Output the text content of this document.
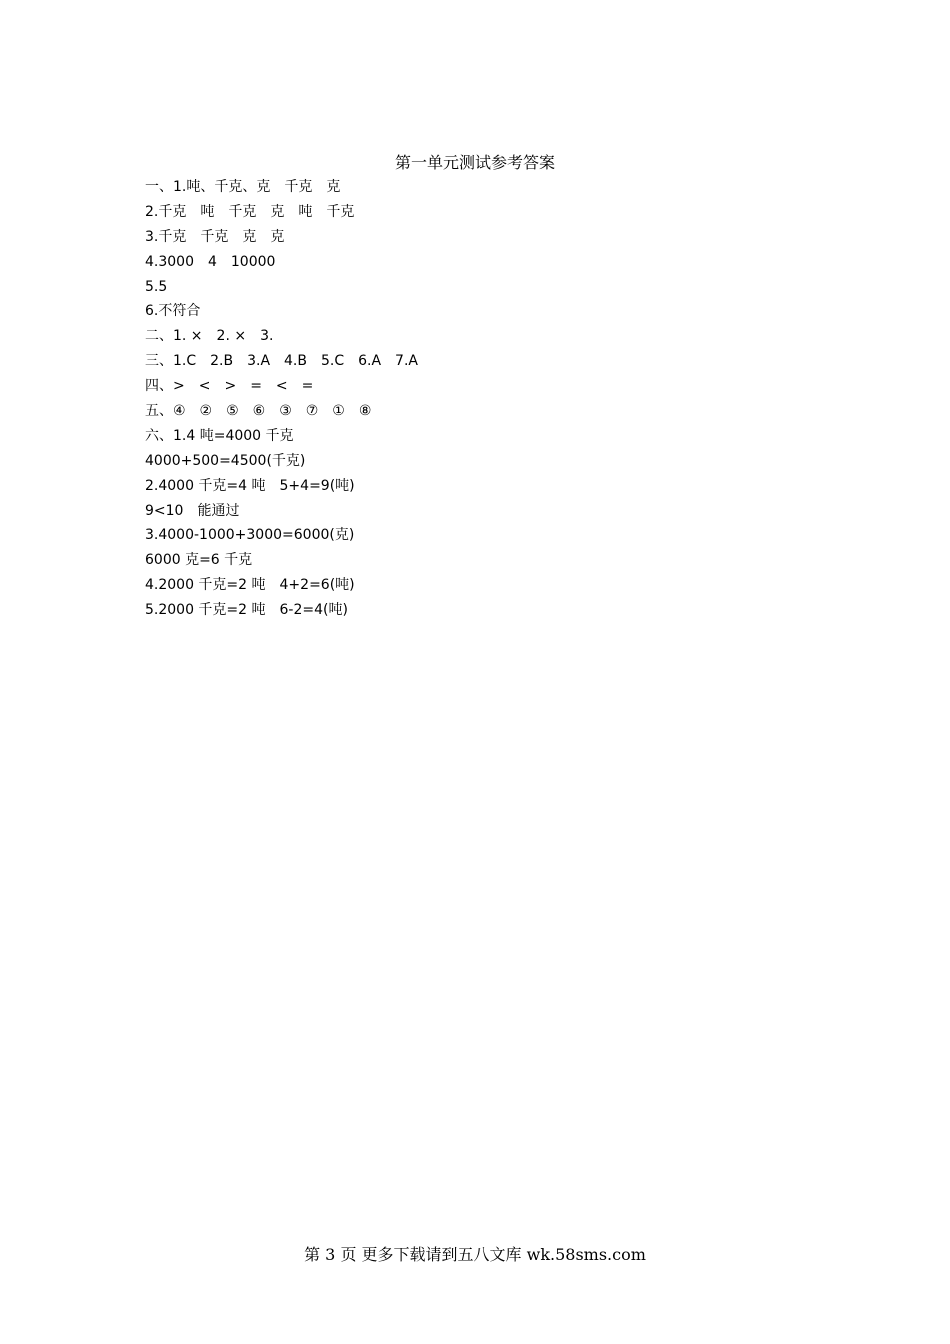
第一单元测试参考答案
一、1.吨、千克、克　千克　克
2.千克　吨　千克　克　吨　千克
3.千克　千克　克　克
4.3000　4　10000
5.5
6.不符合
二、1. ×　2. ×　3.
三、1.C　2.B　3.A　4.B　5.C　6.A　7.A
四、>　<　>　=　<　=
五、④　②　⑤　⑥　③　⑦　①　⑧
六、1.4 吨=4000 千克
4000+500=4500(千克)
2.4000 千克=4 吨　5+4=9(吨)
9<10　能通过
3.4000-1000+3000=6000(克)
6000 克=6 千克
4.2000 千克=2 吨　4+2=6(吨)
5.2000 千克=2 吨　6-2=4(吨)
第 3 页 更多下载请到五八文库 wk.58sms.com
